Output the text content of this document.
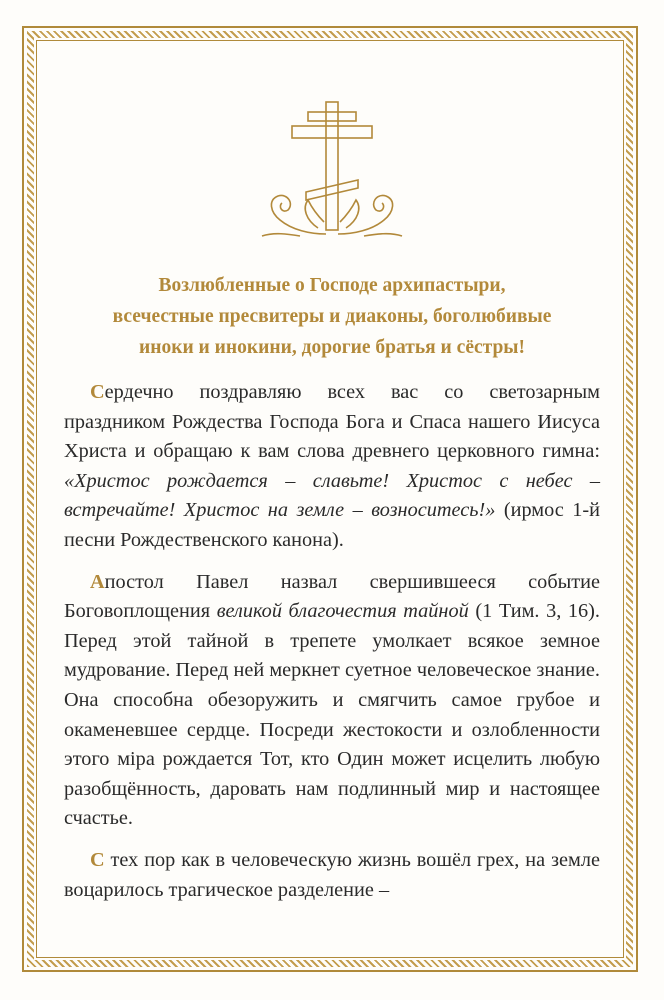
Возлюбленные о Господе архипастыри,
всечестные пресвитеры и диаконы, боголюбивые
иноки и инокини, дорогие братья и сёстры!

Сердечно поздравляю всех вас со светозарным праздником Рождества Господа Бога и Спаса нашего Иисуса Христа и обращаю к вам слова древнего церковного гимна: «Христос рождается – славьте! Христос с небес – встречайте! Христос на земле – возноситесь!» (ирмос 1-й песни Рождественского канона).

Апостол Павел назвал свершившееся событие Боговоплощения великой благочестия тайной (1 Тим. 3, 16). Перед этой тайной в трепете умолкает всякое земное мудрование. Перед ней меркнет суетное человеческое знание. Она способна обезоружить и смягчить самое грубое и окаменевшее сердце. Посреди жестокости и озлобленности этого міра рождается Тот, кто Один может исцелить любую разобщённость, даровать нам подлинный мир и настоящее счастье.

С тех пор как в человеческую жизнь вошёл грех, на земле воцарилось трагическое разделение –
